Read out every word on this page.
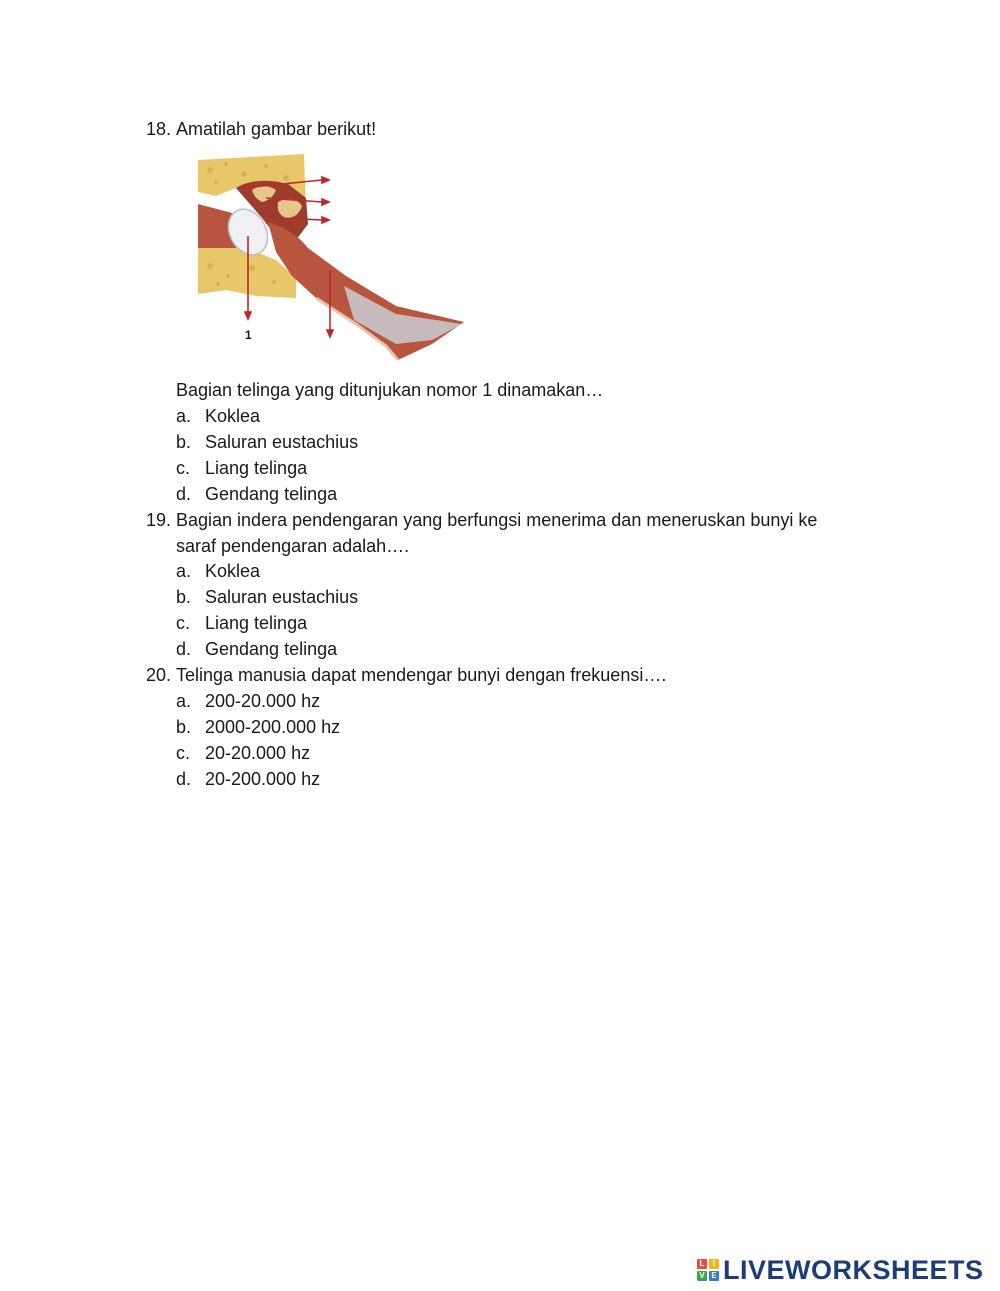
18. Amatilah gambar berikut!
1
Bagian telinga yang ditunjukan nomor 1 dinamakan…
a. Koklea
b. Saluran eustachius
c. Liang telinga
d. Gendang telinga
19. Bagian indera pendengaran yang berfungsi menerima dan meneruskan bunyi ke
saraf pendengaran adalah….
a. Koklea
b. Saluran eustachius
c. Liang telinga
d. Gendang telinga
20. Telinga manusia dapat mendengar bunyi dengan frekuensi….
a. 200-20.000 hz
b. 2000-200.000 hz
c. 20-20.000 hz
d. 20-200.000 hz
L	I
V E LIVEWORKSHEETS
